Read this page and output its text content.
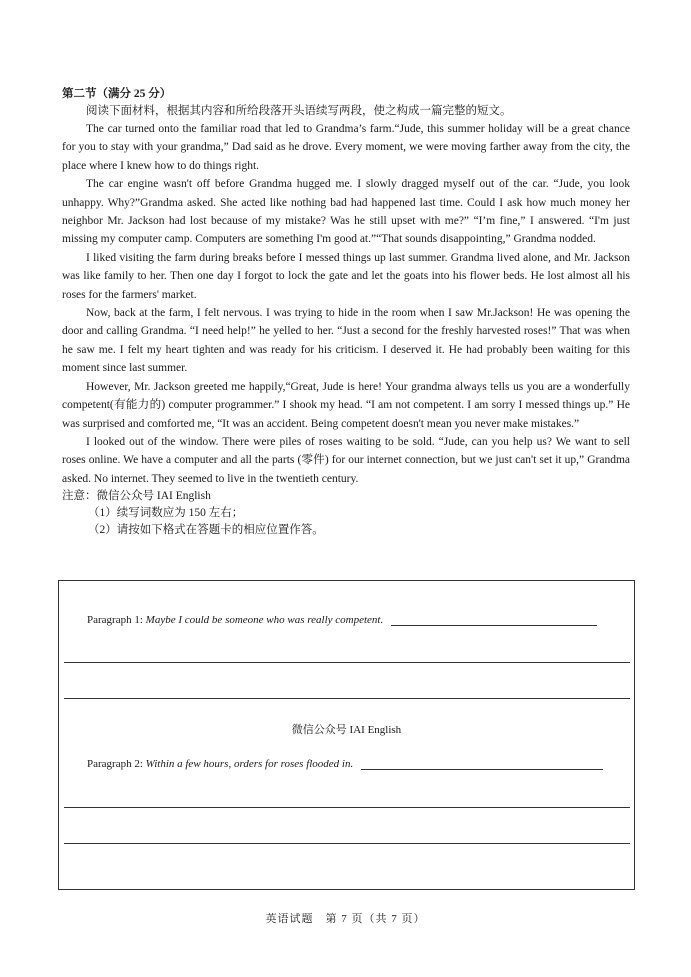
第二节（满分 25 分）

阅读下面材料，根据其内容和所给段落开头语续写两段，使之构成一篇完整的短文。

The car turned onto the familiar road that led to Grandma’s farm.“Jude, this summer holiday will be a great chance for you to stay with your grandma,” Dad said as he drove. Every moment, we were moving farther away from the city, the place where I knew how to do things right.

The car engine wasn't off before Grandma hugged me. I slowly dragged myself out of the car. “Jude, you look unhappy. Why?”Grandma asked. She acted like nothing bad had happened last time. Could I ask how much money her neighbor Mr. Jackson had lost because of my mistake? Was he still upset with me?” “I’m fine,” I answered. “I'm just missing my computer camp. Computers are something I'm good at.”“That sounds disappointing,” Grandma nodded.

I liked visiting the farm during breaks before I messed things up last summer. Grandma lived alone, and Mr. Jackson was like family to her. Then one day I forgot to lock the gate and let the goats into his flower beds. He lost almost all his roses for the farmers' market.

Now, back at the farm, I felt nervous. I was trying to hide in the room when I saw Mr.Jackson! He was opening the door and calling Grandma. “I need help!” he yelled to her. “Just a second for the freshly harvested roses!” That was when he saw me. I felt my heart tighten and was ready for his criticism. I deserved it. He had probably been waiting for this moment since last summer.

However, Mr. Jackson greeted me happily,“Great, Jude is here! Your grandma always tells us you are a wonderfully competent(有能力的) computer programmer.” I shook my head. “I am not competent. I am sorry I messed things up.” He was surprised and comforted me, “It was an accident. Being competent doesn't mean you never make mistakes.”

I looked out of the window. There were piles of roses waiting to be sold. “Jude, can you help us? We want to sell roses online. We have a computer and all the parts (零件) for our internet connection, but we just can't set it up,” Grandma asked. No internet. They seemed to live in the twentieth century.

注意：微信公众号 IAI English

（1）续写词数应为 150 左右；

（2）请按如下格式在答题卡的相应位置作答。

Paragraph 1: Maybe I could be someone who was really competent.
微信公众号 IAI English
Paragraph 2: Within a few hours, orders for roses flooded in.
英语试题　第 7 页（共 7 页）
